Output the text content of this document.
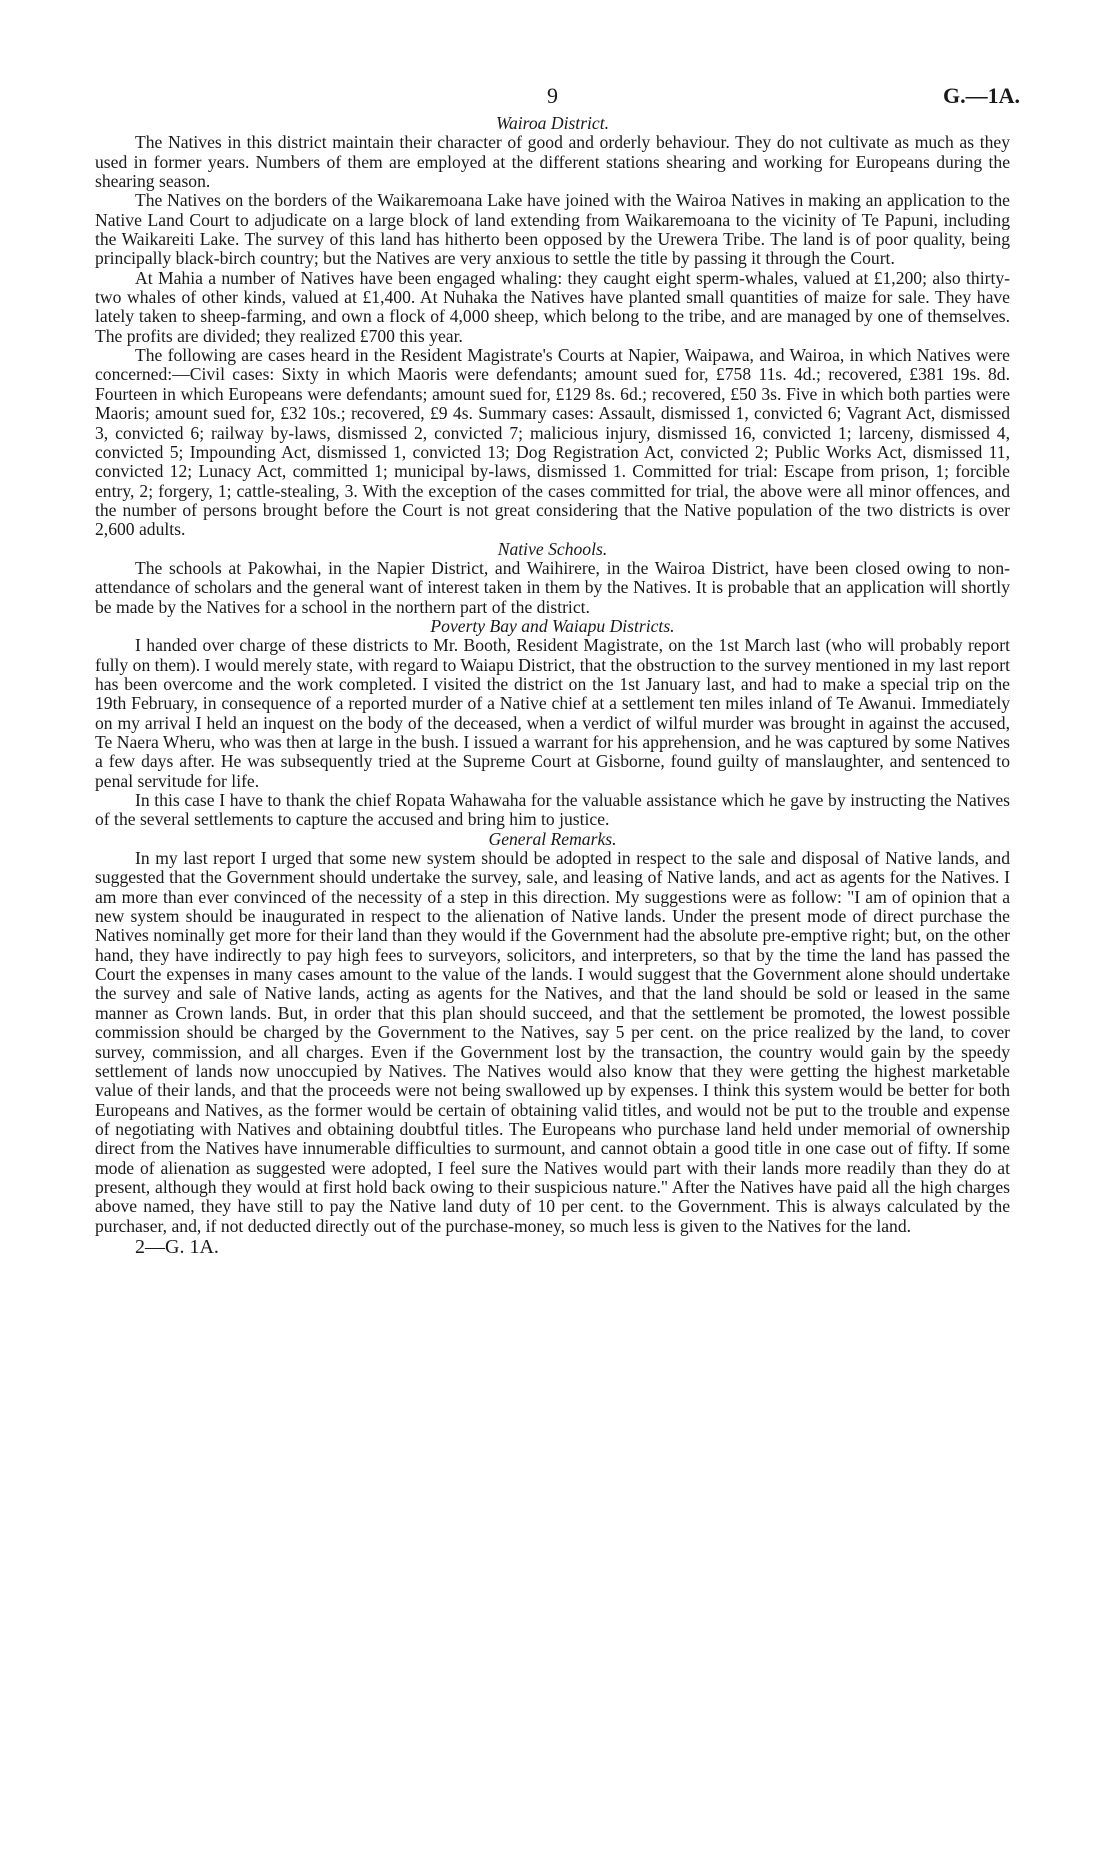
9	G.—1A.
Wairoa District.

The Natives in this district maintain their character of good and orderly behaviour. They do not cultivate as much as they used in former years. Numbers of them are employed at the different stations shearing and working for Europeans during the shearing season.

The Natives on the borders of the Waikaremoana Lake have joined with the Wairoa Natives in making an application to the Native Land Court to adjudicate on a large block of land extending from Waikaremoana to the vicinity of Te Papuni, including the Waikareiti Lake. The survey of this land has hitherto been opposed by the Urewera Tribe. The land is of poor quality, being principally black-birch country; but the Natives are very anxious to settle the title by passing it through the Court.

At Mahia a number of Natives have been engaged whaling: they caught eight sperm-whales, valued at £1,200; also thirty-two whales of other kinds, valued at £1,400. At Nuhaka the Natives have planted small quantities of maize for sale. They have lately taken to sheep-farming, and own a flock of 4,000 sheep, which belong to the tribe, and are managed by one of themselves. The profits are divided; they realized £700 this year.

The following are cases heard in the Resident Magistrate's Courts at Napier, Waipawa, and Wairoa, in which Natives were concerned:—Civil cases: Sixty in which Maoris were defendants; amount sued for, £758 11s. 4d.; recovered, £381 19s. 8d. Fourteen in which Europeans were defendants; amount sued for, £129 8s. 6d.; recovered, £50 3s. Five in which both parties were Maoris; amount sued for, £32 10s.; recovered, £9 4s. Summary cases: Assault, dismissed 1, convicted 6; Vagrant Act, dismissed 3, convicted 6; railway by-laws, dismissed 2, convicted 7; malicious injury, dismissed 16, convicted 1; larceny, dismissed 4, convicted 5; Impounding Act, dismissed 1, convicted 13; Dog Registration Act, convicted 2; Public Works Act, dismissed 11, convicted 12; Lunacy Act, committed 1; municipal by-laws, dismissed 1. Committed for trial: Escape from prison, 1; forcible entry, 2; forgery, 1; cattle-stealing, 3. With the exception of the cases committed for trial, the above were all minor offences, and the number of persons brought before the Court is not great considering that the Native population of the two districts is over 2,600 adults.

Native Schools.

The schools at Pakowhai, in the Napier District, and Waihirere, in the Wairoa District, have been closed owing to non-attendance of scholars and the general want of interest taken in them by the Natives. It is probable that an application will shortly be made by the Natives for a school in the northern part of the district.

Poverty Bay and Waiapu Districts.

I handed over charge of these districts to Mr. Booth, Resident Magistrate, on the 1st March last (who will probably report fully on them). I would merely state, with regard to Waiapu District, that the obstruction to the survey mentioned in my last report has been overcome and the work completed. I visited the district on the 1st January last, and had to make a special trip on the 19th February, in consequence of a reported murder of a Native chief at a settlement ten miles inland of Te Awanui. Immediately on my arrival I held an inquest on the body of the deceased, when a verdict of wilful murder was brought in against the accused, Te Naera Wheru, who was then at large in the bush. I issued a warrant for his apprehension, and he was captured by some Natives a few days after. He was subsequently tried at the Supreme Court at Gisborne, found guilty of manslaughter, and sentenced to penal servitude for life.

In this case I have to thank the chief Ropata Wahawaha for the valuable assistance which he gave by instructing the Natives of the several settlements to capture the accused and bring him to justice.

General Remarks.

In my last report I urged that some new system should be adopted in respect to the sale and disposal of Native lands, and suggested that the Government should undertake the survey, sale, and leasing of Native lands, and act as agents for the Natives. I am more than ever convinced of the necessity of a step in this direction. My suggestions were as follow: "I am of opinion that a new system should be inaugurated in respect to the alienation of Native lands. Under the present mode of direct purchase the Natives nominally get more for their land than they would if the Government had the absolute pre-emptive right; but, on the other hand, they have indirectly to pay high fees to surveyors, solicitors, and interpreters, so that by the time the land has passed the Court the expenses in many cases amount to the value of the lands. I would suggest that the Government alone should undertake the survey and sale of Native lands, acting as agents for the Natives, and that the land should be sold or leased in the same manner as Crown lands. But, in order that this plan should succeed, and that the settlement be promoted, the lowest possible commission should be charged by the Government to the Natives, say 5 per cent. on the price realized by the land, to cover survey, commission, and all charges. Even if the Government lost by the transaction, the country would gain by the speedy settlement of lands now unoccupied by Natives. The Natives would also know that they were getting the highest marketable value of their lands, and that the proceeds were not being swallowed up by expenses. I think this system would be better for both Europeans and Natives, as the former would be certain of obtaining valid titles, and would not be put to the trouble and expense of negotiating with Natives and obtaining doubtful titles. The Europeans who purchase land held under memorial of ownership direct from the Natives have innumerable difficulties to surmount, and cannot obtain a good title in one case out of fifty. If some mode of alienation as suggested were adopted, I feel sure the Natives would part with their lands more readily than they do at present, although they would at first hold back owing to their suspicious nature." After the Natives have paid all the high charges above named, they have still to pay the Native land duty of 10 per cent. to the Government. This is always calculated by the purchaser, and, if not deducted directly out of the purchase-money, so much less is given to the Natives for the land.

2—G. 1A.
